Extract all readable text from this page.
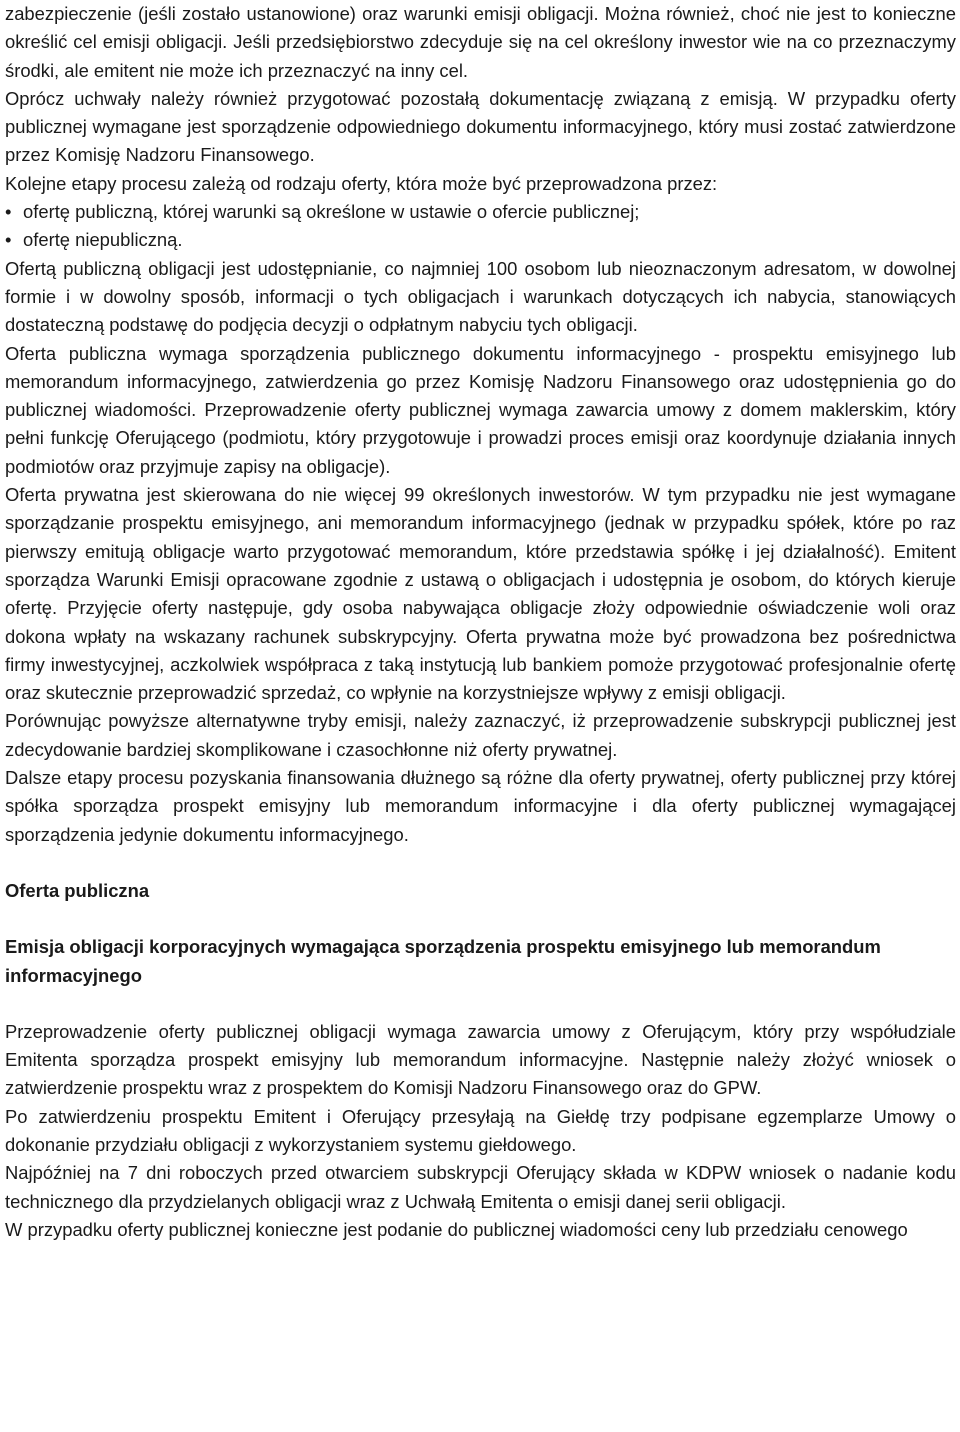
zabezpieczenie (jeśli zostało ustanowione) oraz warunki emisji obligacji. Można również, choć nie jest to konieczne określić cel emisji obligacji. Jeśli przedsiębiorstwo zdecyduje się na cel określony inwestor wie na co przeznaczymy środki, ale emitent nie może ich przeznaczyć na inny cel.

Oprócz uchwały należy również przygotować pozostałą dokumentację związaną z emisją. W przypadku oferty publicznej wymagane jest sporządzenie odpowiedniego dokumentu informacyjnego, który musi zostać zatwierdzone przez Komisję Nadzoru Finansowego.

Kolejne etapy procesu zależą od rodzaju oferty, która może być przeprowadzona przez:

• ofertę publiczną, której warunki są określone w ustawie o ofercie publicznej;
• ofertę niepubliczną.

Ofertą publiczną obligacji jest udostępnianie, co najmniej 100 osobom lub nieoznaczonym adresatom, w dowolnej formie i w dowolny sposób, informacji o tych obligacjach i warunkach dotyczących ich nabycia, stanowiących dostateczną podstawę do podjęcia decyzji o odpłatnym nabyciu tych obligacji.

Oferta publiczna wymaga sporządzenia publicznego dokumentu informacyjnego - prospektu emisyjnego lub memorandum informacyjnego, zatwierdzenia go przez Komisję Nadzoru Finansowego oraz udostępnienia go do publicznej wiadomości. Przeprowadzenie oferty publicznej wymaga zawarcia umowy z domem maklerskim, który pełni funkcję Oferującego (podmiotu, który przygotowuje i prowadzi proces emisji oraz koordynuje działania innych podmiotów oraz przyjmuje zapisy na obligacje).

Oferta prywatna jest skierowana do nie więcej 99 określonych inwestorów. W tym przypadku nie jest wymagane sporządzanie prospektu emisyjnego, ani memorandum informacyjnego (jednak w przypadku spółek, które po raz pierwszy emitują obligacje warto przygotować memorandum, które przedstawia spółkę i jej działalność). Emitent sporządza Warunki Emisji opracowane zgodnie z ustawą o obligacjach i udostępnia je osobom, do których kieruje ofertę. Przyjęcie oferty następuje, gdy osoba nabywająca obligacje złoży odpowiednie oświadczenie woli oraz dokona wpłaty na wskazany rachunek subskrypcyjny. Oferta prywatna może być prowadzona bez pośrednictwa firmy inwestycyjnej, aczkolwiek współpraca z taką instytucją lub bankiem pomoże przygotować profesjonalnie ofertę oraz skutecznie przeprowadzić sprzedaż, co wpłynie na korzystniejsze wpływy z emisji obligacji.

Porównując powyższe alternatywne tryby emisji, należy zaznaczyć, iż przeprowadzenie subskrypcji publicznej jest zdecydowanie bardziej skomplikowane i czasochłonne niż oferty prywatnej.

Dalsze etapy procesu pozyskania finansowania dłużnego są różne dla oferty prywatnej, oferty publicznej przy której spółka sporządza prospekt emisyjny lub memorandum informacyjne i dla oferty publicznej wymagającej sporządzenia jedynie dokumentu informacyjnego.

Oferta publiczna
Emisja obligacji korporacyjnych wymagająca sporządzenia prospektu emisyjnego lub memorandum informacyjnego

Przeprowadzenie oferty publicznej obligacji wymaga zawarcia umowy z Oferującym, który przy współudziale Emitenta sporządza prospekt emisyjny lub memorandum informacyjne. Następnie należy złożyć wniosek o zatwierdzenie prospektu wraz z prospektem do Komisji Nadzoru Finansowego oraz do GPW.

Po zatwierdzeniu prospektu Emitent i Oferujący przesyłają na Giełdę trzy podpisane egzemplarze Umowy o dokonanie przydziału obligacji z wykorzystaniem systemu giełdowego.

Najpóźniej na 7 dni roboczych przed otwarciem subskrypcji Oferujący składa w KDPW wniosek o nadanie kodu technicznego dla przydzielanych obligacji wraz z Uchwałą Emitenta o emisji danej serii obligacji.

W przypadku oferty publicznej konieczne jest podanie do publicznej wiadomości ceny lub przedziału cenowego
